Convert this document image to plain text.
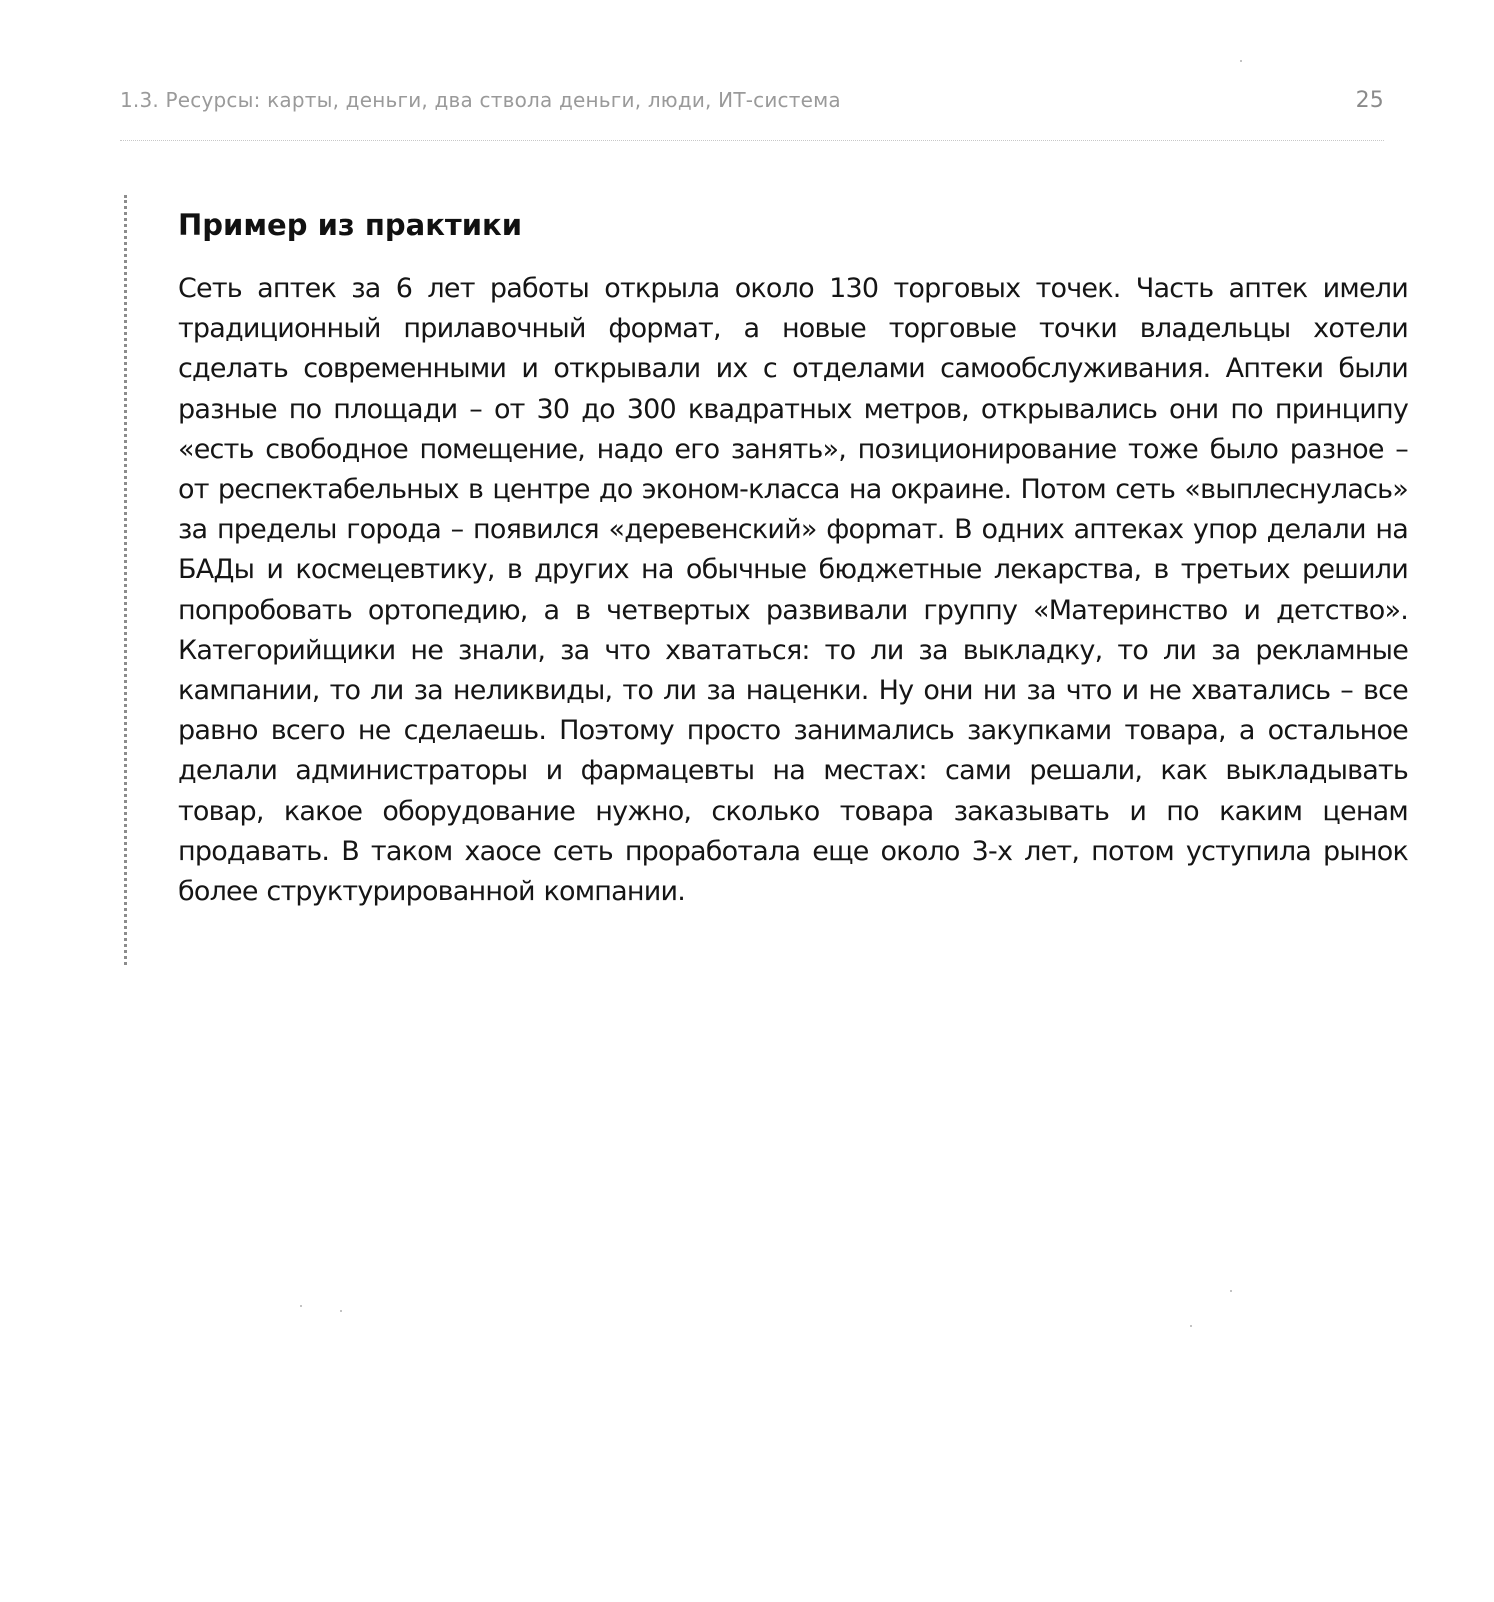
1.3. Ресурсы: карты, деньги, два ствола деньги, люди, ИТ-система	25
Пример из практики

Сеть аптек за 6 лет работы открыла около 130 торговых точек. Часть аптек имели традиционный прилавочный формат, а новые торговые точки владельцы хотели сделать современными и открывали их с отделами самообслуживания. Аптеки были разные по площади – от 30 до 300 квадратных метров, открывались они по принципу «есть свободное помещение, надо его занять», позиционирование тоже было разное – от респектабельных в центре до эконом-класса на окраине. Потом сеть «выплеснулась» за пределы города – появился «деревенский» форmат. В одних аптеках упор делали на БАДы и космецевтику, в других на обычные бюджетные лекарства, в третьих решили попробовать ортопедию, а в четвертых развивали группу «Материнство и детство». Категорийщики не знали, за что хвататься: то ли за выкладку, то ли за рекламные кампании, то ли за неликвиды, то ли за наценки. Ну они ни за что и не хватались – все равно всего не сделаешь. Поэтому просто занимались закупками товара, а остальное делали администраторы и фармацевты на местах: сами решали, как выкладывать товар, какое оборудование нужно, сколько товара заказывать и по каким ценам продавать. В таком хаосе сеть проработала еще около 3-х лет, потом уступила рынок более структурированной компании.
